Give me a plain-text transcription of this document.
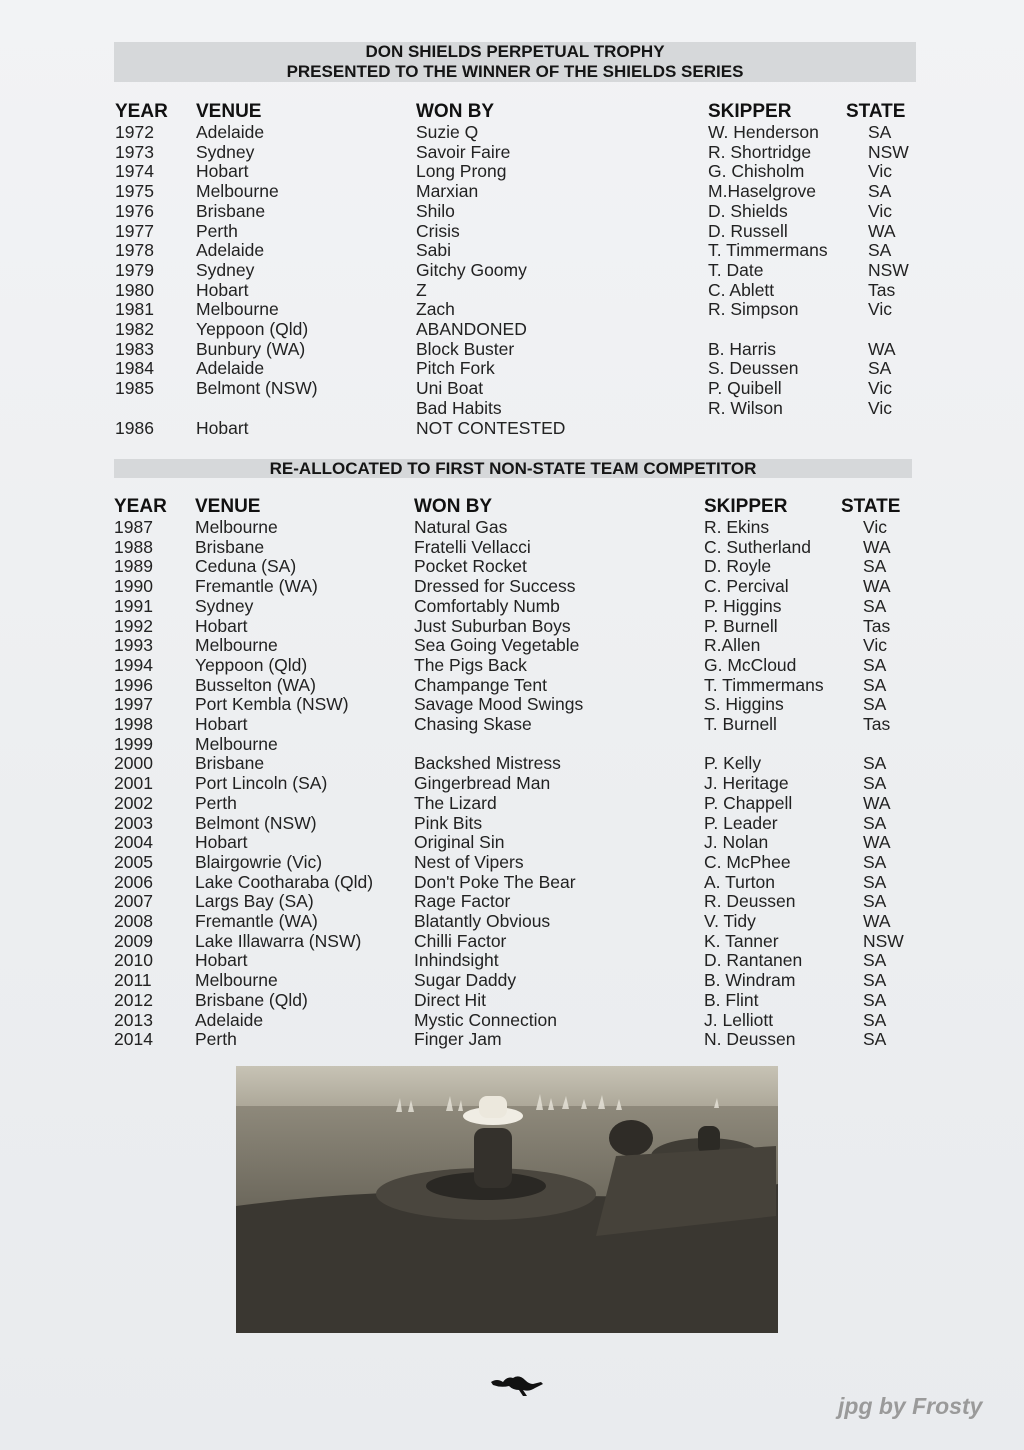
DON SHIELDS PERPETUAL TROPHY
PRESENTED TO THE WINNER OF THE SHIELDS SERIES
YEAR	VENUE	WON BY	SKIPPER	STATE
1972	Adelaide	Suzie Q	W. Henderson	SA
1973	Sydney	Savoir Faire	R. Shortridge	NSW
1974	Hobart	Long Prong	G. Chisholm	Vic
1975	Melbourne	Marxian	M.Haselgrove	SA
1976	Brisbane	Shilo	D. Shields	Vic
1977	Perth	Crisis	D. Russell	WA
1978	Adelaide	Sabi	T. Timmermans	SA
1979	Sydney	Gitchy Goomy	T. Date	NSW
1980	Hobart	Z	C. Ablett	Tas
1981	Melbourne	Zach	R. Simpson	Vic
1982	Yeppoon (Qld)	ABANDONED		
1983	Bunbury (WA)	Block Buster	B. Harris	WA
1984	Adelaide	Pitch Fork	S. Deussen	SA
1985	Belmont (NSW)	Uni Boat	P. Quibell	Vic
		Bad Habits	R. Wilson	Vic
1986	Hobart	NOT CONTESTED		
RE-ALLOCATED TO FIRST NON-STATE TEAM COMPETITOR
YEAR	VENUE	WON BY	SKIPPER	STATE
1987	Melbourne	Natural Gas	R. Ekins	Vic
1988	Brisbane	Fratelli Vellacci	C. Sutherland	WA
1989	Ceduna (SA)	Pocket Rocket	D. Royle	SA
1990	Fremantle (WA)	Dressed for Success	C. Percival	WA
1991	Sydney	Comfortably Numb	P. Higgins	SA
1992	Hobart	Just Suburban Boys	P. Burnell	Tas
1993	Melbourne	Sea Going Vegetable	R.Allen	Vic
1994	Yeppoon (Qld)	The Pigs Back	G. McCloud	SA
1996	Busselton (WA)	Champange Tent	T. Timmermans	SA
1997	Port Kembla (NSW)	Savage Mood Swings	S. Higgins	SA
1998	Hobart	Chasing Skase	T. Burnell	Tas
1999	Melbourne			
2000	Brisbane	Backshed Mistress	P. Kelly	SA
2001	Port Lincoln (SA)	Gingerbread Man	J. Heritage	SA
2002	Perth	The Lizard	P. Chappell	WA
2003	Belmont (NSW)	Pink Bits	P. Leader	SA
2004	Hobart	Original Sin	J. Nolan	WA
2005	Blairgowrie (Vic)	Nest of Vipers	C. McPhee	SA
2006	Lake Cootharaba (Qld)	Don't Poke The Bear	A. Turton	SA
2007	Largs Bay (SA)	Rage Factor	R. Deussen	SA
2008	Fremantle (WA)	Blatantly Obvious	V. Tidy	WA
2009	Lake Illawarra (NSW)	Chilli Factor	K. Tanner	NSW
2010	Hobart	Inhindsight	D. Rantanen	SA
2011	Melbourne	Sugar Daddy	B. Windram	SA
2012	Brisbane (Qld)	Direct Hit	B. Flint	SA
2013	Adelaide	Mystic Connection	J. Lelliott	SA
2014	Perth	Finger Jam	N. Deussen	SA
jpg by Frosty
